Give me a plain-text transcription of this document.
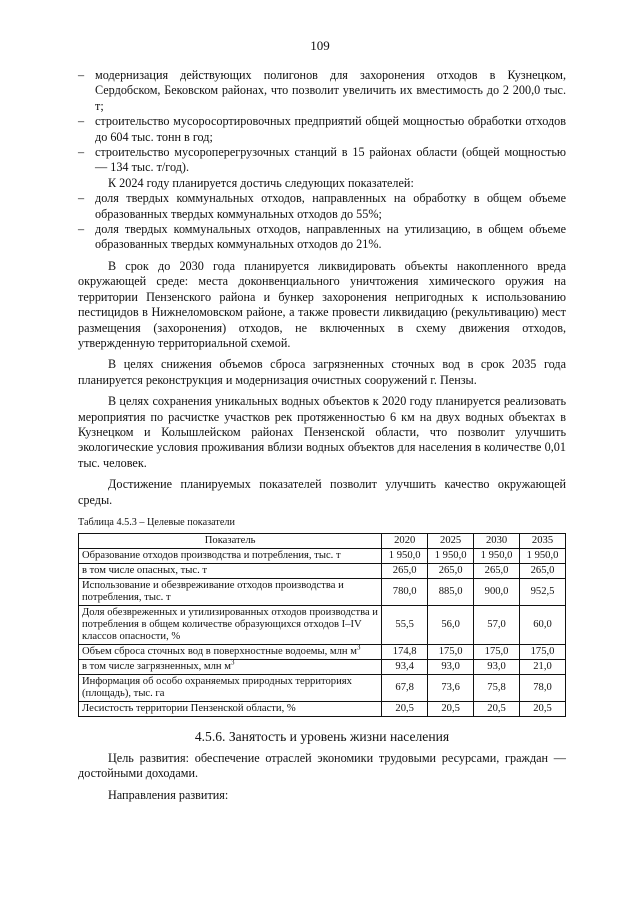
109
– модернизация действующих полигонов для захоронения отходов в Кузнецком, Сердобском, Бековском районах, что позволит увеличить их вместимость до 2 200,0 тыс. т;
– строительство мусоросортировочных предприятий общей мощностью обработки отходов до 604 тыс. тонн в год;
– строительство мусороперегрузочных станций в 15 районах области (общей мощностью — 134 тыс. т/год).

К 2024 году планируется достичь следующих показателей:

– доля твердых коммунальных отходов, направленных на обработку в общем объеме образованных твердых коммунальных отходов до 55%;
– доля твердых коммунальных отходов, направленных на утилизацию, в общем объеме образованных твердых коммунальных отходов до 21%.

В срок до 2030 года планируется ликвидировать объекты накопленного вреда окружающей среде: места доконвенциального уничтожения химического оружия на территории Пензенского района и бункер захоронения непригодных к использованию пестицидов в Нижнеломовском районе, а также провести ликвидацию (рекультивацию) мест размещения (захоронения) отходов, не включенных в схему движения отходов, утвержденную территориальной схемой.

В целях снижения объемов сброса загрязненных сточных вод в срок 2035 года планируется реконструкция и модернизация очистных сооружений г. Пензы.

В целях сохранения уникальных водных объектов к 2020 году планируется реализовать мероприятия по расчистке участков рек протяженностью 6 км на двух водных объектах в Кузнецком и Колышлейском районах Пензенской области, что позволит улучшить экологические условия проживания вблизи водных объектов для населения в количестве 0,01 тыс. человек.

Достижение планируемых показателей позволит улучшить качество окружающей среды.

Таблица 4.5.3 – Целевые показатели
Показатель	2020	2025	2030	2035
Образование отходов производства и потребления, тыс. т	1 950,0	1 950,0	1 950,0	1 950,0
в том числе опасных, тыс. т	265,0	265,0	265,0	265,0
Использование и обезвреживание отходов производства и потребления, тыс. т	780,0	885,0	900,0	952,5
Доля обезвреженных и утилизированных отходов производства и потребления в общем количестве образующихся отходов I–IV классов опасности, %	55,5	56,0	57,0	60,0
Объем сброса сточных вод в поверхностные водоемы, млн $м^3$	174,8	175,0	175,0	175,0
в том числе загрязненных, млн $м^3$	93,4	93,0	93,0	21,0
Информация об особо охраняемых природных территориях (площадь), тыс. га	67,8	73,6	75,8	78,0
Лесистость территории Пензенской области, %	20,5	20,5	20,5	20,5
4.5.6. Занятость и уровень жизни населения

Цель развития: обеспечение отраслей экономики трудовыми ресурсами, граждан — достойными доходами.

Направления развития:
